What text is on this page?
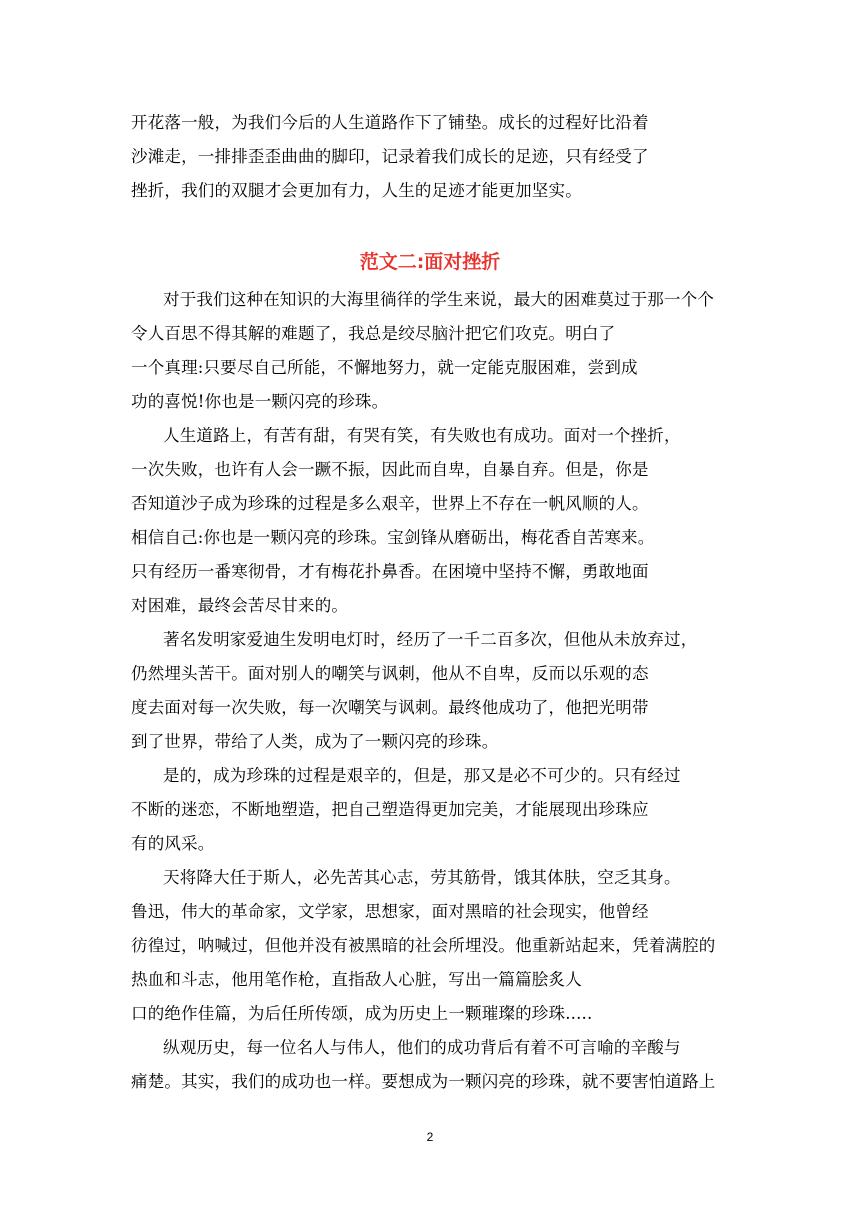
开花落一般，为我们今后的人生道路作下了铺垫。成长的过程好比沿着
沙滩走，一排排歪歪曲曲的脚印，记录着我们成长的足迹，只有经受了
挫折，我们的双腿才会更加有力，人生的足迹才能更加坚实。
范文二:面对挫折
对于我们这种在知识的大海里徜徉的学生来说，最大的困难莫过于那一个个
令人百思不得其解的难题了，我总是绞尽脑汁把它们攻克。明白了
一个真理:只要尽自己所能，不懈地努力，就一定能克服困难，尝到成
功的喜悦!你也是一颗闪亮的珍珠。
人生道路上，有苦有甜，有哭有笑，有失败也有成功。面对一个挫折，
一次失败，也许有人会一蹶不振，因此而自卑，自暴自弃。但是，你是
否知道沙子成为珍珠的过程是多么艰辛，世界上不存在一帆风顺的人。
相信自己:你也是一颗闪亮的珍珠。宝剑锋从磨砺出，梅花香自苦寒来。
只有经历一番寒彻骨，才有梅花扑鼻香。在困境中坚持不懈，勇敢地面
对困难，最终会苦尽甘来的。
著名发明家爱迪生发明电灯时，经历了一千二百多次，但他从未放弃过，
仍然埋头苦干。面对别人的嘲笑与讽刺，他从不自卑，反而以乐观的态
度去面对每一次失败，每一次嘲笑与讽刺。最终他成功了，他把光明带
到了世界，带给了人类，成为了一颗闪亮的珍珠。
是的，成为珍珠的过程是艰辛的，但是，那又是必不可少的。只有经过
不断的迷恋，不断地塑造，把自己塑造得更加完美，才能展现出珍珠应
有的风采。
天将降大任于斯人，必先苦其心志，劳其筋骨，饿其体肤，空乏其身。
鲁迅，伟大的革命家，文学家，思想家，面对黑暗的社会现实，他曾经
彷徨过，呐喊过，但他并没有被黑暗的社会所埋没。他重新站起来，凭着满腔的
热血和斗志，他用笔作枪，直指敌人心脏，写出一篇篇脍炙人
口的绝作佳篇，为后任所传颂，成为历史上一颗璀璨的珍珠.....
纵观历史，每一位名人与伟人，他们的成功背后有着不可言喻的辛酸与
痛楚。其实，我们的成功也一样。要想成为一颗闪亮的珍珠，就不要害怕道路上
2
